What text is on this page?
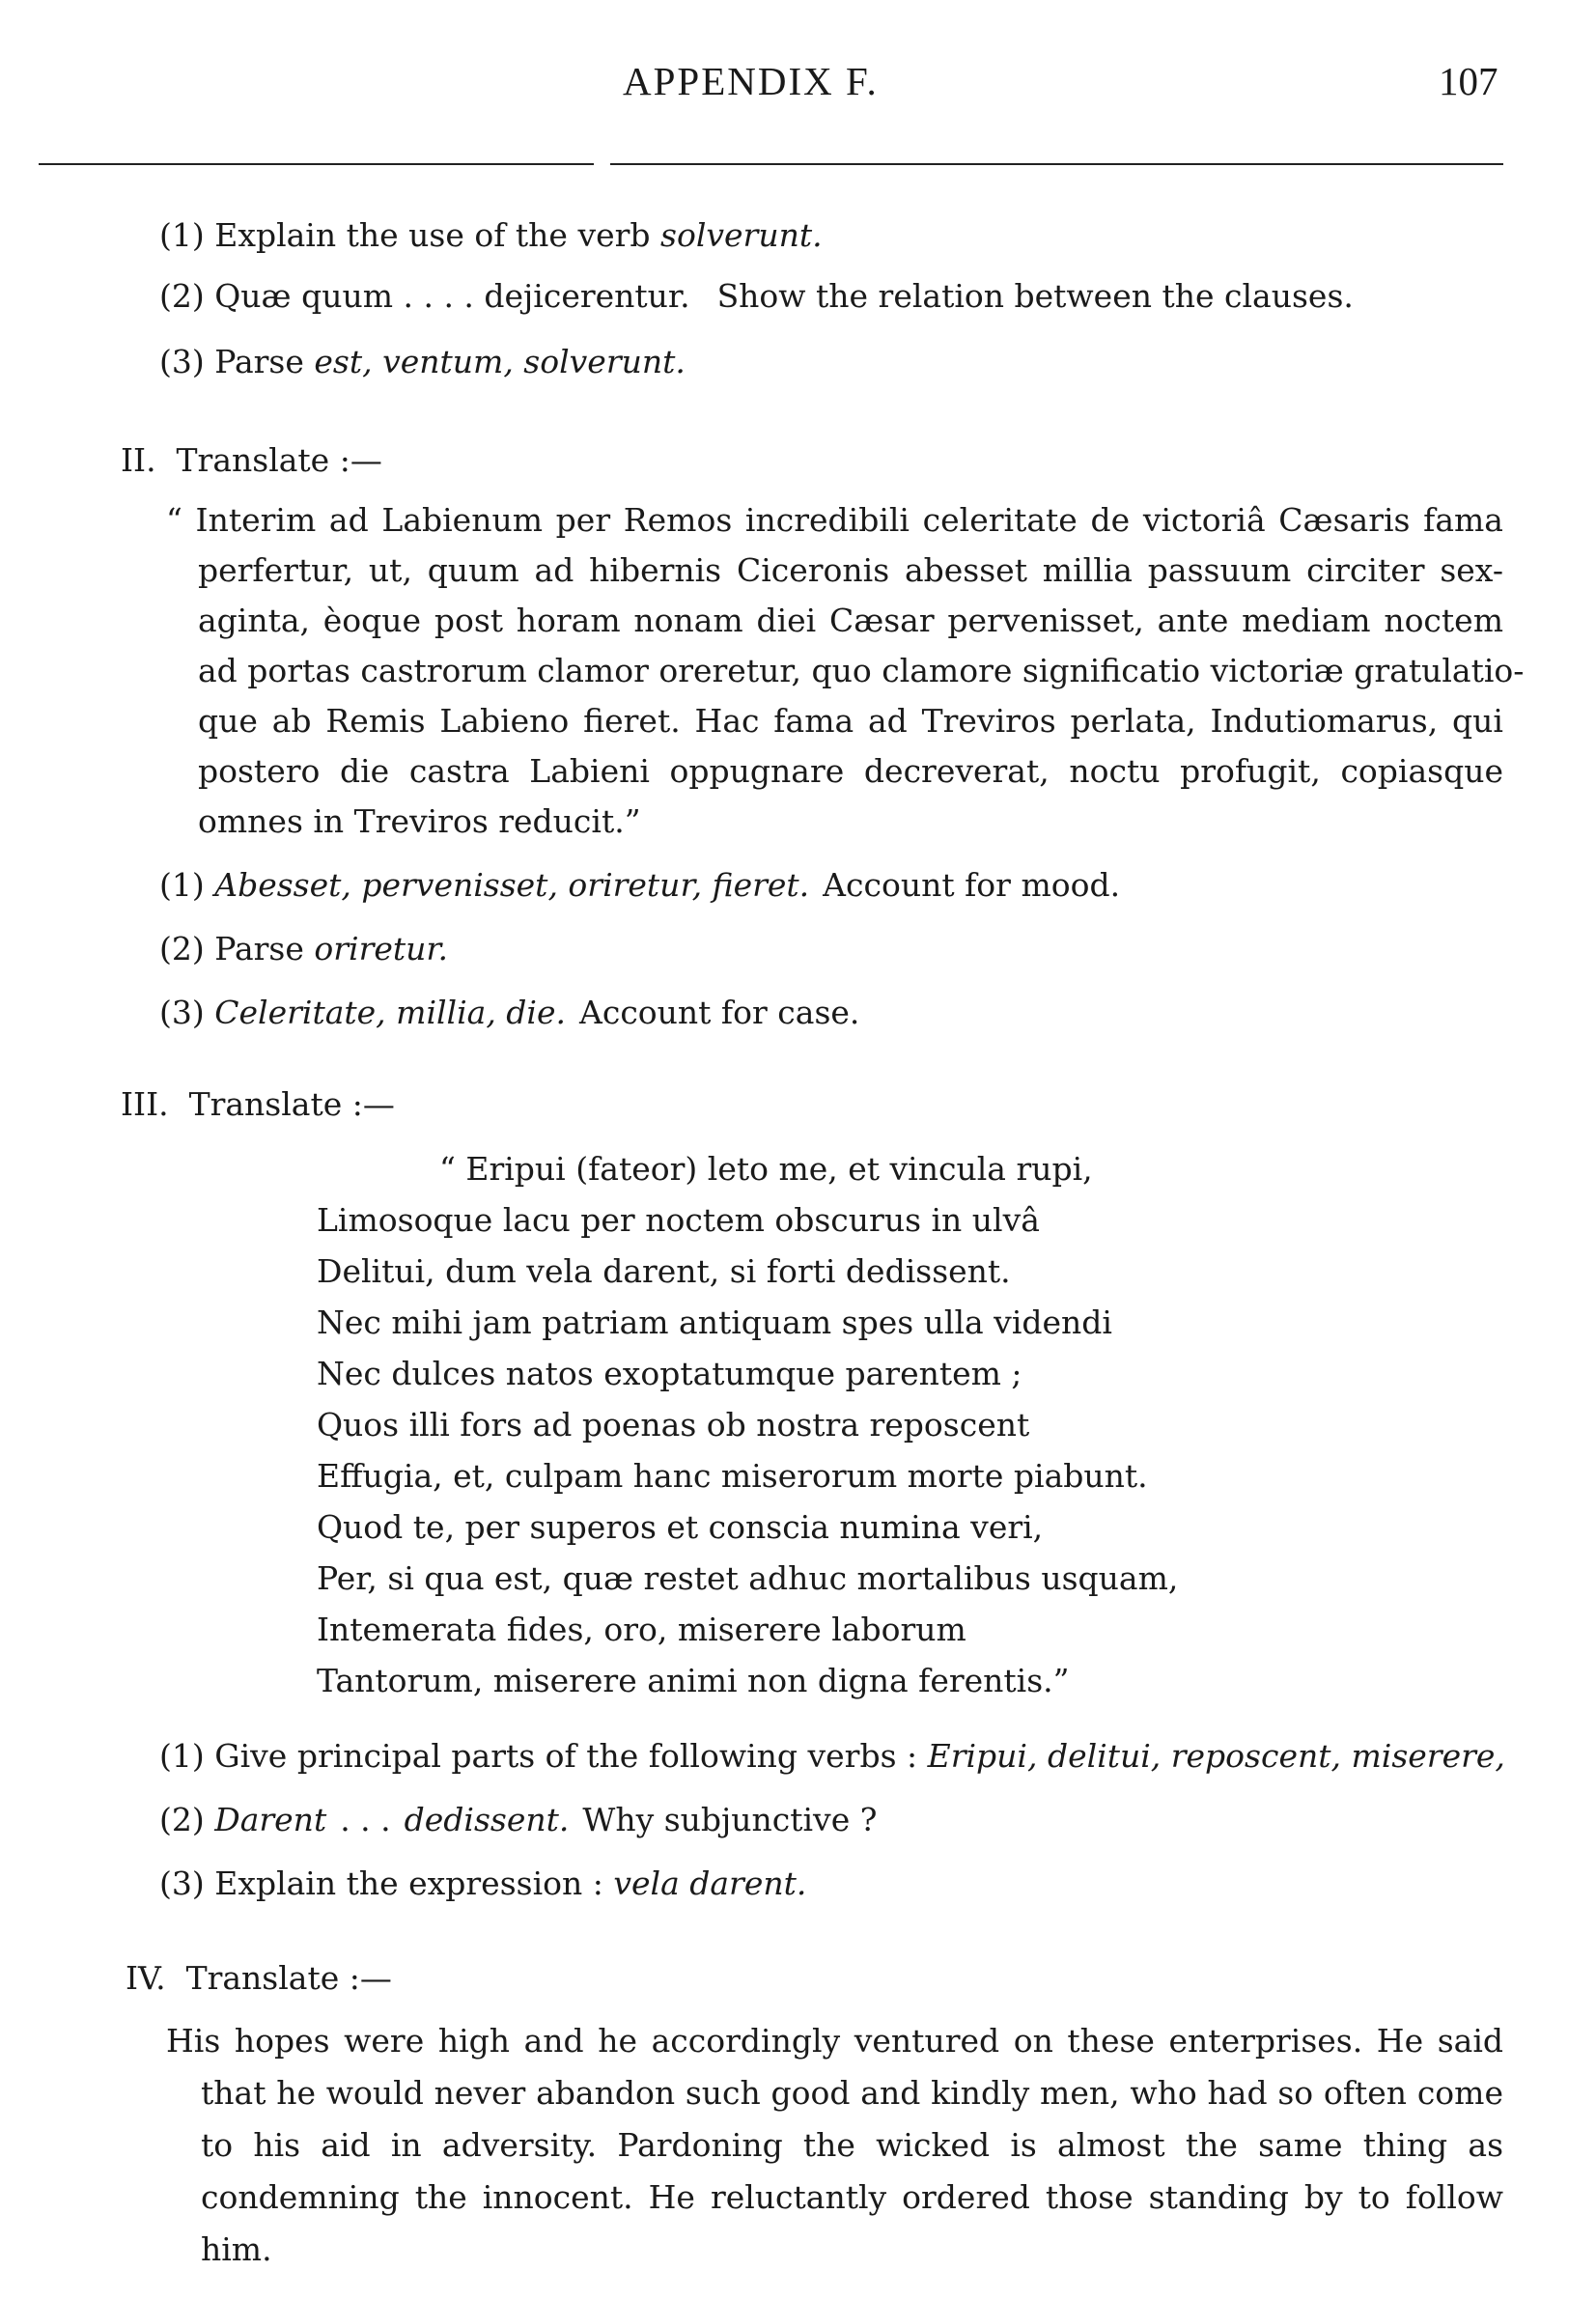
APPENDIX F.	107
(1) Explain the use of the verb solverunt.
(2) Quæ quum . . . . dejicerentur. Show the relation between the clauses.
(3) Parse est, ventum, solverunt.
II. Translate :—
“ Interim ad Labienum per Remos incredibili celeritate de victoriâ Cæsaris fama
perfertur, ut, quum ad hibernis Ciceronis abesset millia passuum circiter sex-
aginta, èoque post horam nonam diei Cæsar pervenisset, ante mediam noctem
ad portas castrorum clamor oreretur, quo clamore significatio victoriæ gratulatio-
que ab Remis Labieno fieret. Hac fama ad Treviros perlata, Indutiomarus, qui
postero die castra Labieni oppugnare decreverat, noctu profugit, copiasque
omnes in Treviros reducit.”
(1) Abesset, pervenisset, oriretur, fieret. Account for mood.
(2) Parse oriretur.
(3) Celeritate, millia, die. Account for case.
III. Translate :—
“ Eripui (fateor) leto me, et vincula rupi,
Limosoque lacu per noctem obscurus in ulvâ
Delitui, dum vela darent, si forti dedissent.
Nec mihi jam patriam antiquam spes ulla videndi
Nec dulces natos exoptatumque parentem ;
Quos illi fors ad poenas ob nostra reposcent
Effugia, et, culpam hanc miserorum morte piabunt.
Quod te, per superos et conscia numina veri,
Per, si qua est, quæ restet adhuc mortalibus usquam,
Intemerata fides, oro, miserere laborum
Tantorum, miserere animi non digna ferentis.”
(1) Give principal parts of the following verbs : Eripui, delitui, reposcent, miserere,
(2) Darent . . . dedissent. Why subjunctive ?
(3) Explain the expression : vela darent.
IV. Translate :—
His hopes were high and he accordingly ventured on these enterprises. He said
that he would never abandon such good and kindly men, who had so often come
to his aid in adversity. Pardoning the wicked is almost the same thing as
condemning the innocent. He reluctantly ordered those standing by to follow
him.
